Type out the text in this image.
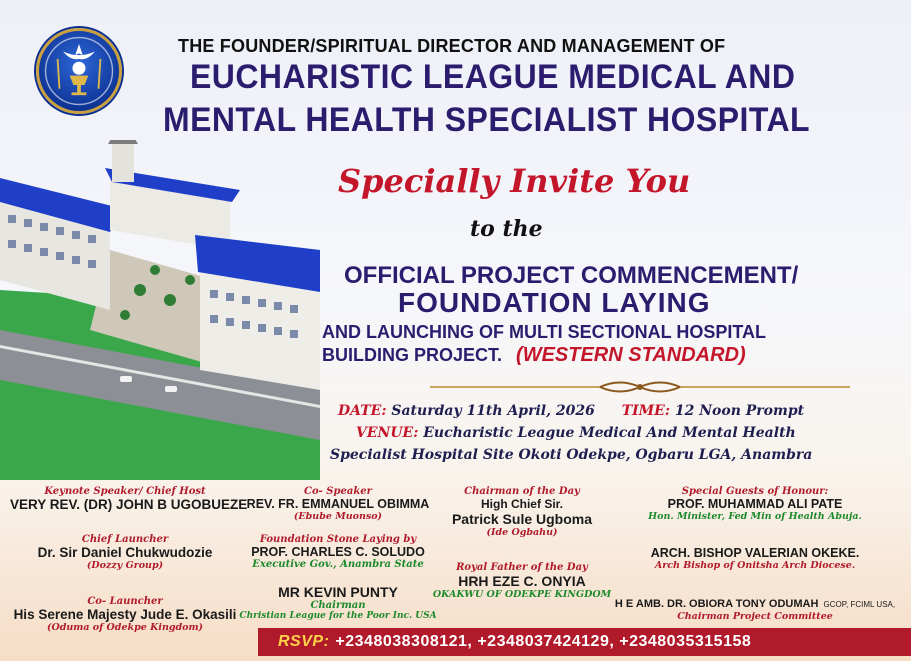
THE FOUNDER/SPIRITUAL DIRECTOR AND MANAGEMENT OF
EUCHARISTIC LEAGUE MEDICAL AND
MENTAL HEALTH SPECIALIST HOSPITAL
Specially Invite You
to the
OFFICIAL PROJECT COMMENCEMENT/
FOUNDATION LAYING
AND LAUNCHING OF MULTI SECTIONAL HOSPITAL
BUILDING PROJECT. (WESTERN STANDARD)
DATE: Saturday 11th April, 2026 TIME: 12 Noon Prompt
VENUE: Eucharistic League Medical And Mental Health
Specialist Hospital Site Okoti Odekpe, Ogbaru LGA, Anambra
Keynote Speaker/ Chief Host
VERY REV. (DR) JOHN B UGOBUEZE
Chief Launcher
Dr. Sir Daniel Chukwudozie
(Dozzy Group)
Co- Launcher
His Serene Majesty Jude E. Okasili
(Oduma of Odekpe Kingdom)
Co- Speaker
REV. FR. EMMANUEL OBIMMA
(Ebube Muonso)
Foundation Stone Laying by
PROF. CHARLES C. SOLUDO
Executive Gov., Anambra State
MR KEVIN PUNTY
Chairman
Christian League for the Poor Inc. USA
Chairman of the Day
High Chief Sir.
Patrick Sule Ugboma
(Ide Ogbahu)
Royal Father of the Day
HRH EZE C. ONYIA
OKAKWU OF ODEKPE KINGDOM
Special Guests of Honour:
PROF. MUHAMMAD ALI PATE
Hon. Minister, Fed Min of Health Abuja.
ARCH. BISHOP VALERIAN OKEKE.
Arch Bishop of Onitsha Arch Diocese.
H E AMB. DR. OBIORA TONY ODUMAH GCOP, FCIML USA,
Chairman Project Committee
RSVP: +2348038308121, +2348037424129, +2348035315158
